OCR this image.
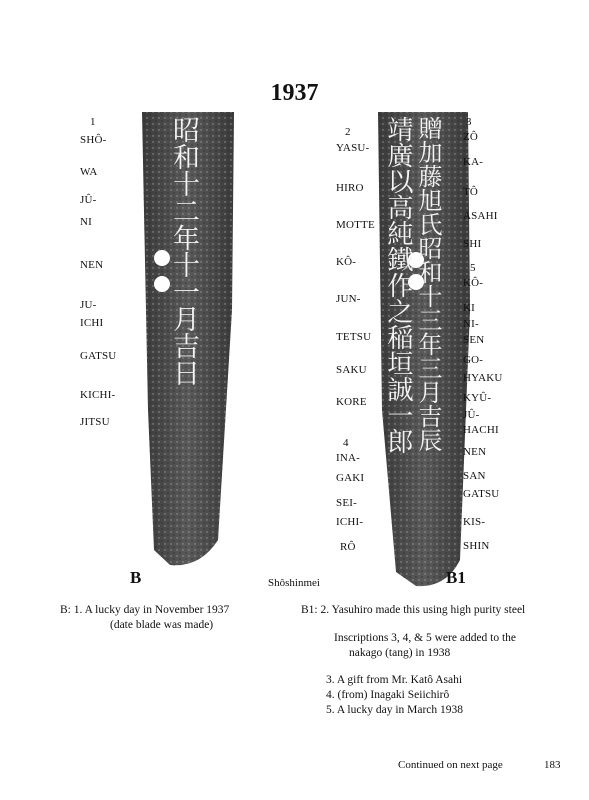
1937
昭和十二年十一月吉日	靖廣以高純鐵作之稲垣誠一郎 贈加藤旭氏昭和十三年三月吉辰
1
SHÔ-
WA
JÛ-
NI
NEN
JU-
ICHI
GATSU
KICHI-
JITSU
2
YASU-
HIRO
MOTTE
KÔ-
JUN-
TETSU
SAKU
KORE
4
INA-
GAKI
SEI-
ICHI-
RÔ
3
ZÔ
KA-
TÔ
ASAHI
SHI
5
KÔ-
KI
NI-
SEN
GO-
HYAKU
KYÛ-
JÛ-
HACHI
NEN
SAN
GATSU
KIS-
SHIN
B	Shôshinmei	B1
B: 1. A lucky day in November 1937
(date blade was made)
B1: 2. Yasuhiro made this using high purity steel
Inscriptions 3, 4, & 5 were added to the
nakago (tang) in 1938
3. A gift from Mr. Katô Asahi
4. (from) Inagaki Seiichirô
5. A lucky day in March 1938
Continued on next page	183
